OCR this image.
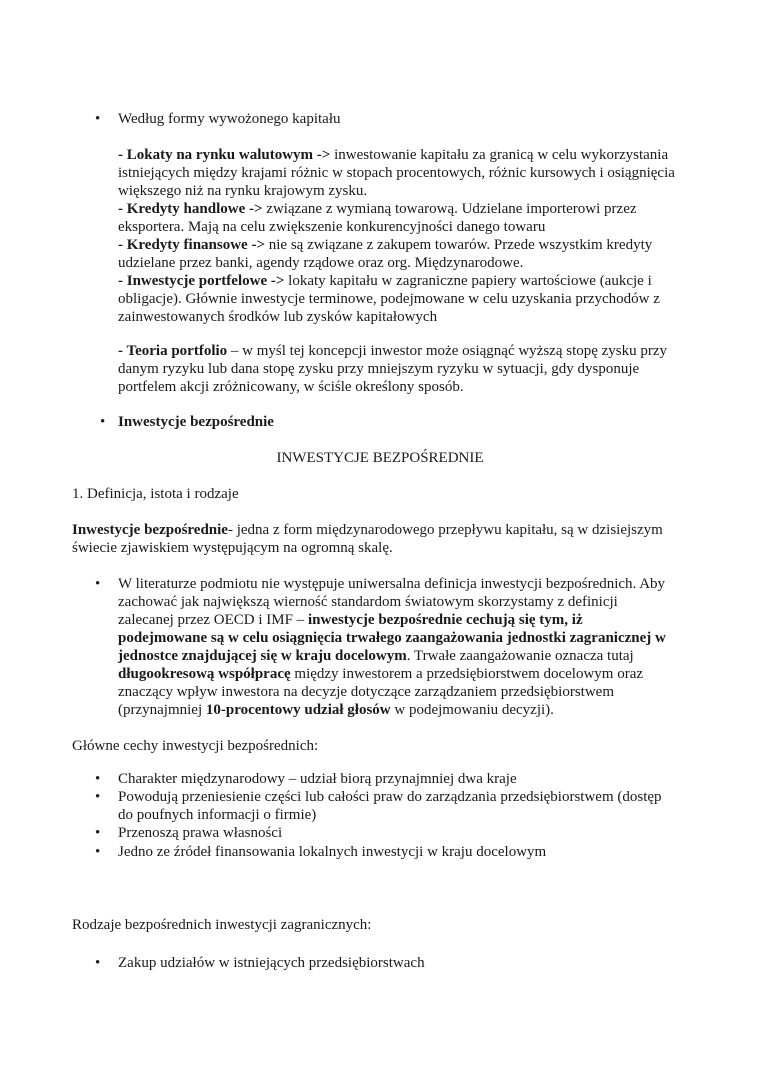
• Według formy wywożonego kapitału
- Lokaty na rynku walutowym -> inwestowanie kapitału za granicą w celu wykorzystania
istniejących między krajami różnic w stopach procentowych, różnic kursowych i osiągnięcia
większego niż na rynku krajowym zysku.
- Kredyty handlowe -> związane z wymianą towarową. Udzielane importerowi przez
eksportera. Mają na celu zwiększenie konkurencyjności danego towaru
- Kredyty finansowe -> nie są związane z zakupem towarów. Przede wszystkim kredyty
udzielane przez banki, agendy rządowe oraz org. Międzynarodowe.
- Inwestycje portfelowe -> lokaty kapitału w zagraniczne papiery wartościowe (aukcje i
obligacje). Głównie inwestycje terminowe, podejmowane w celu uzyskania przychodów z
zainwestowanych środków lub zysków kapitałowych
- Teoria portfolio – w myśl tej koncepcji inwestor może osiągnąć wyższą stopę zysku przy
danym ryzyku lub dana stopę zysku przy mniejszym ryzyku w sytuacji, gdy dysponuje
portfelem akcji zróżnicowany, w ściśle określony sposób.
• Inwestycje bezpośrednie
INWESTYCJE BEZPOŚREDNIE
1. Definicja, istota i rodzaje
Inwestycje bezpośrednie- jedna z form międzynarodowego przepływu kapitału, są w dzisiejszym
świecie zjawiskiem występującym na ogromną skalę.
• W literaturze podmiotu nie występuje uniwersalna definicja inwestycji bezpośrednich. Aby
zachować jak największą wierność standardom światowym skorzystamy z definicji
zalecanej przez OECD i IMF – inwestycje bezpośrednie cechują się tym, iż
podejmowane są w celu osiągnięcia trwałego zaangażowania jednostki zagranicznej w
jednostce znajdującej się w kraju docelowym. Trwałe zaangażowanie oznacza tutaj
długookresową współpracę między inwestorem a przedsiębiorstwem docelowym oraz
znaczący wpływ inwestora na decyzje dotyczące zarządzaniem przedsiębiorstwem
(przynajmniej 10-procentowy udział głosów w podejmowaniu decyzji).
Główne cechy inwestycji bezpośrednich:
• Charakter międzynarodowy – udział biorą przynajmniej dwa kraje
• Powodują przeniesienie części lub całości praw do zarządzania przedsiębiorstwem (dostęp
do poufnych informacji o firmie)
• Przenoszą prawa własności
• Jedno ze źródeł finansowania lokalnych inwestycji w kraju docelowym
Rodzaje bezpośrednich inwestycji zagranicznych:
• Zakup udziałów w istniejących przedsiębiorstwach
